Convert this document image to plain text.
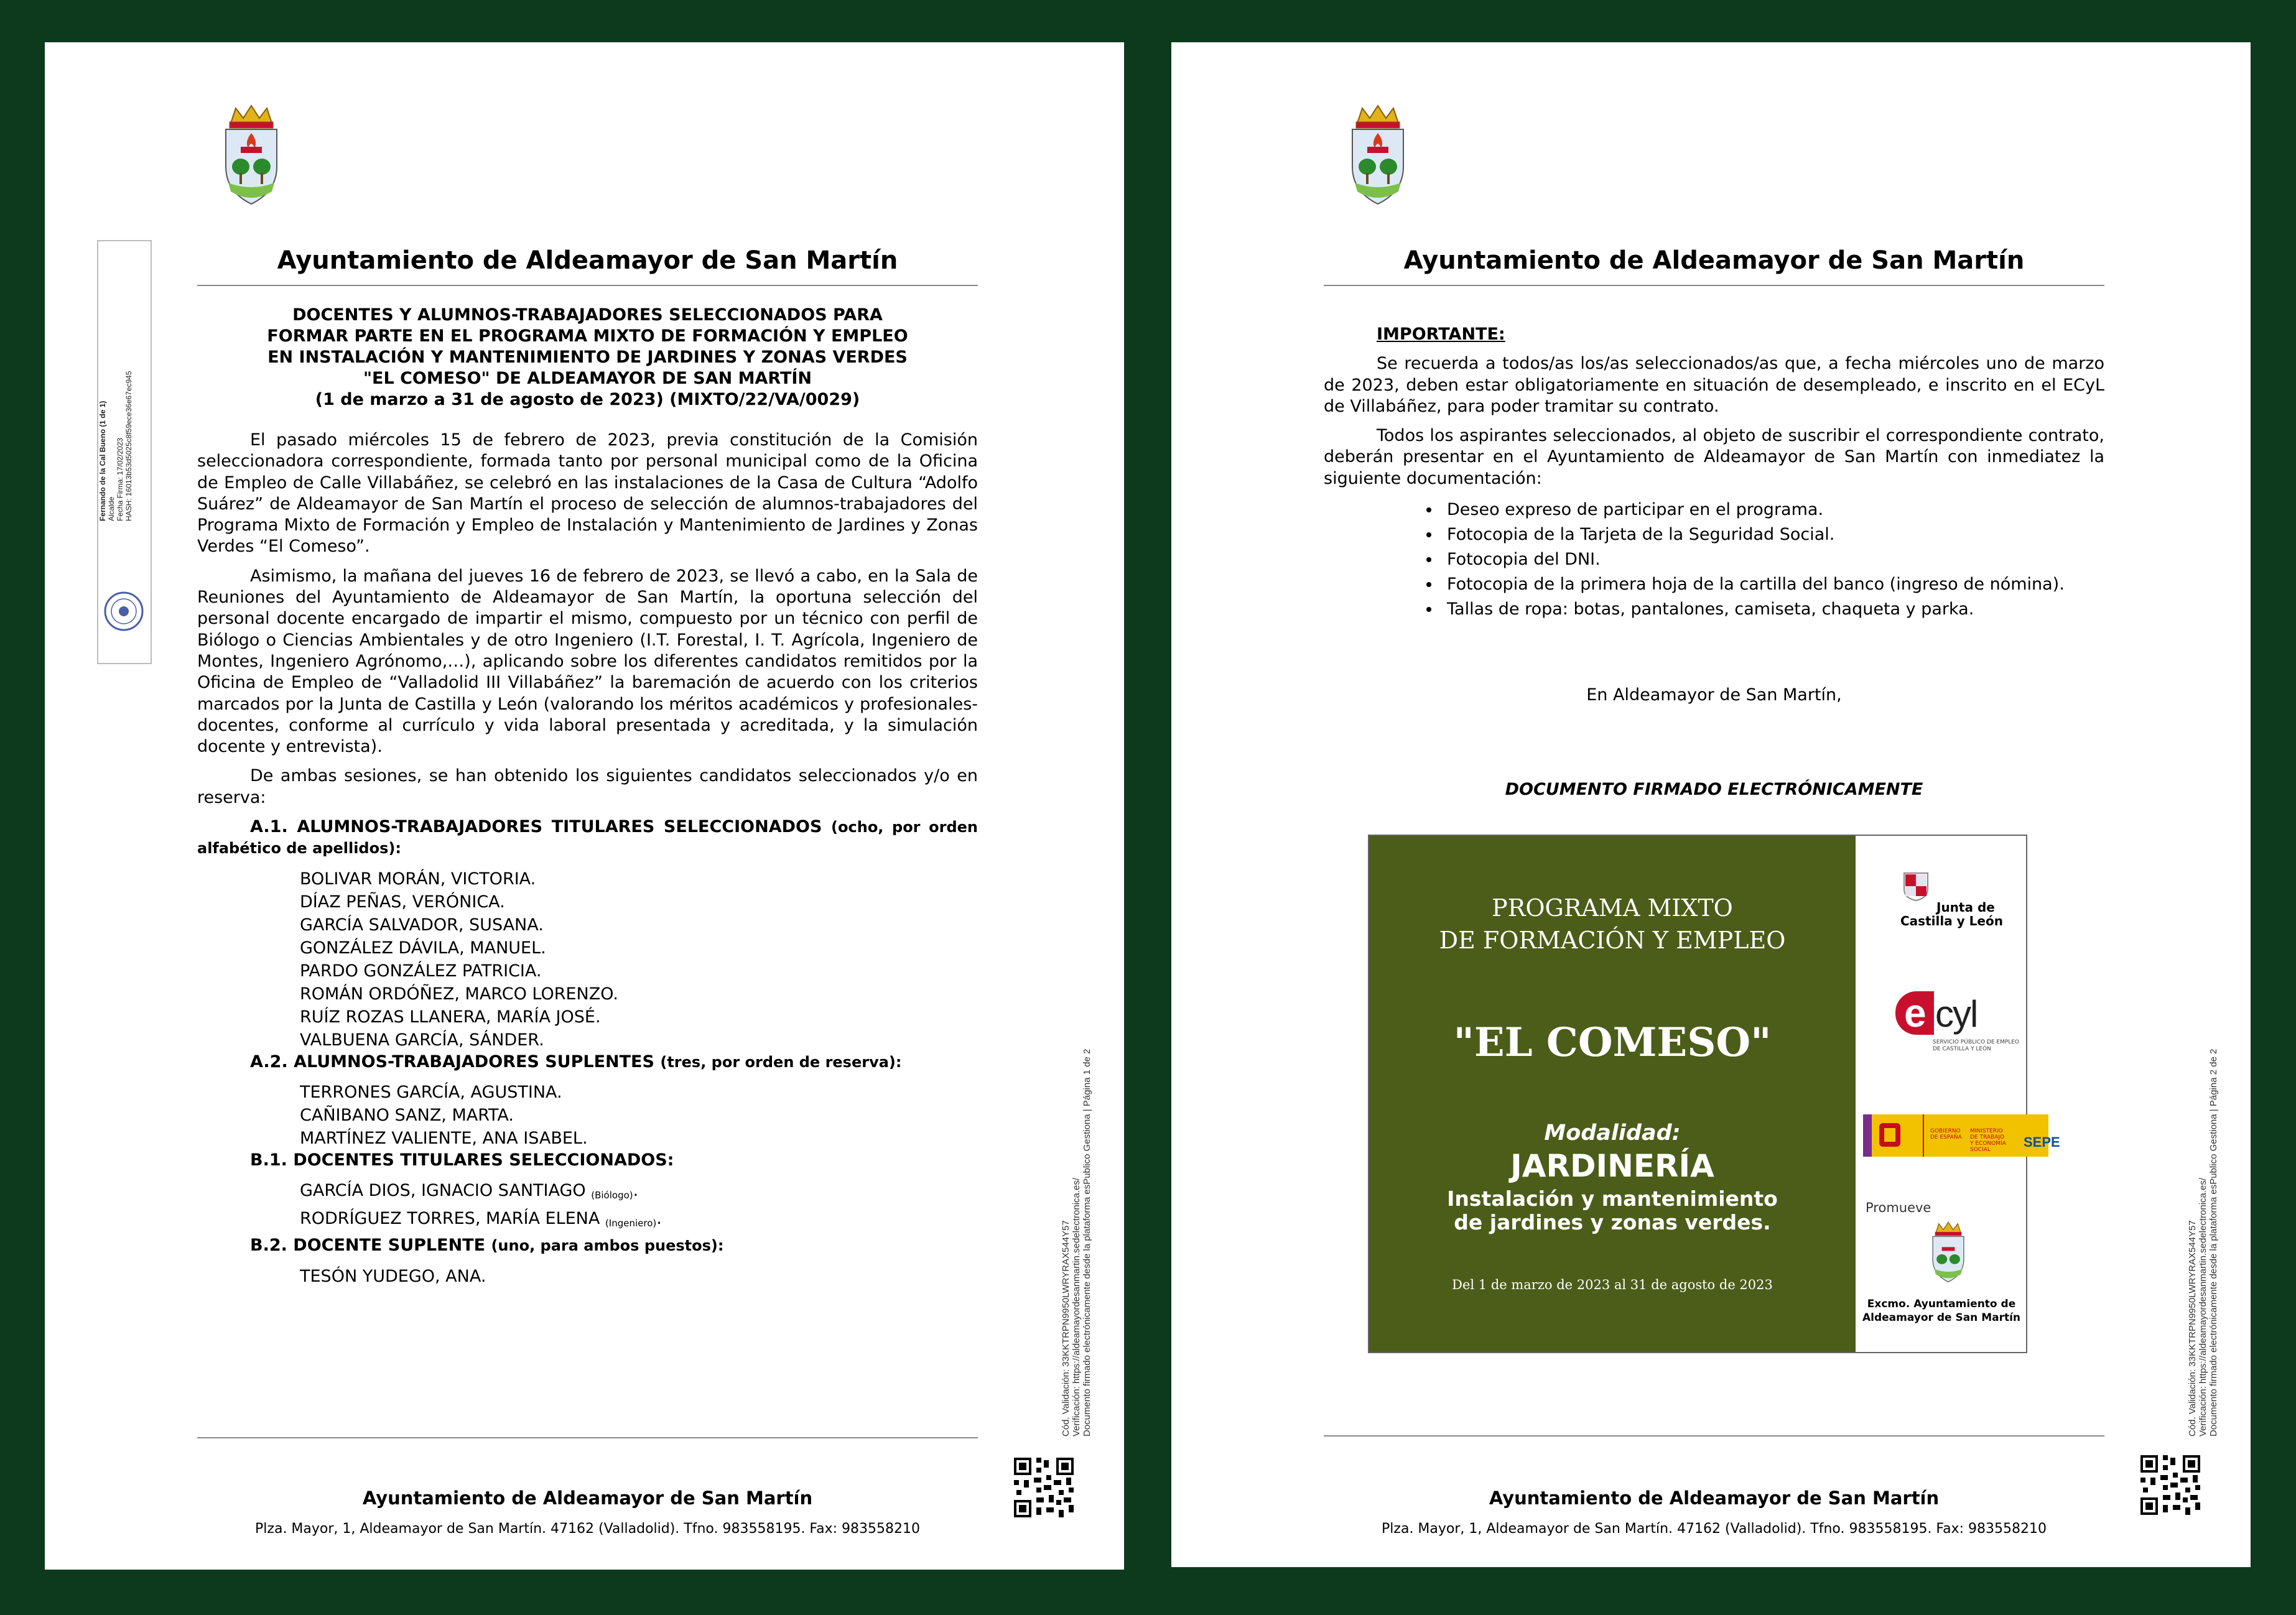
Ayuntamiento de Aldeamayor de San Martín
DOCENTES Y ALUMNOS-TRABAJADORES SELECCIONADOS PARA
FORMAR PARTE EN EL PROGRAMA MIXTO DE FORMACIÓN Y EMPLEO
EN INSTALACIÓN Y MANTENIMIENTO DE JARDINES Y ZONAS VERDES
"EL COMESO" DE ALDEAMAYOR DE SAN MARTÍN
(1 de marzo a 31 de agosto de 2023) (MIXTO/22/VA/0029)

El pasado miércoles 15 de febrero de 2023, previa constitución de la Comisión seleccionadora correspondiente, formada tanto por personal municipal como de la Oficina de Empleo de Calle Villabáñez, se celebró en las instalaciones de la Casa de Cultura “Adolfo Suárez” de Aldeamayor de San Martín el proceso de selección de alumnos-trabajadores del Programa Mixto de Formación y Empleo de Instalación y Mantenimiento de Jardines y Zonas Verdes “El Comeso”.

Asimismo, la mañana del jueves 16 de febrero de 2023, se llevó a cabo, en la Sala de Reuniones del Ayuntamiento de Aldeamayor de San Martín, la oportuna selección del personal docente encargado de impartir el mismo, compuesto por un técnico con perfil de Biólogo o Ciencias Ambientales y de otro Ingeniero (I.T. Forestal, I. T. Agrícola, Ingeniero de Montes, Ingeniero Agrónomo,…), aplicando sobre los diferentes candidatos remitidos por la Oficina de Empleo de “Valladolid III Villabáñez” la baremación de acuerdo con los criterios marcados por la Junta de Castilla y León (valorando los méritos académicos y profesionales-docentes, conforme al currículo y vida laboral presentada y acreditada, y la simulación docente y entrevista).

De ambas sesiones, se han obtenido los siguientes candidatos seleccionados y/o en reserva:

A.1. ALUMNOS-TRABAJADORES TITULARES SELECCIONADOS (ocho, por orden alfabético de apellidos):

BOLIVAR MORÁN, VICTORIA.
DÍAZ PEÑAS, VERÓNICA.
GARCÍA SALVADOR, SUSANA.
GONZÁLEZ DÁVILA, MANUEL.
PARDO GONZÁLEZ PATRICIA.
ROMÁN ORDÓÑEZ, MARCO LORENZO.
RUÍZ ROZAS LLANERA, MARÍA JOSÉ.
VALBUENA GARCÍA, SÁNDER.

A.2. ALUMNOS-TRABAJADORES SUPLENTES (tres, por orden de reserva):

TERRONES GARCÍA, AGUSTINA.
CAÑIBANO SANZ, MARTA.
MARTÍNEZ VALIENTE, ANA ISABEL.

B.1. DOCENTES TITULARES SELECCIONADOS:

GARCÍA DIOS, IGNACIO SANTIAGO $_{(Biólogo)}$.
RODRÍGUEZ TORRES, MARÍA ELENA $_{(Ingeniero)}$.

B.2. DOCENTE SUPLENTE (uno, para ambos puestos):

TESÓN YUDEGO, ANA.
Ayuntamiento de Aldeamayor de San Martín
Plza. Mayor, 1, Aldeamayor de San Martín. 47162 (Valladolid). Tfno. 983558195. Fax: 983558210
Fernando de la Cal Bueno (1 de 1) Alcalde Fecha Firma: 17/02/2023 HASH: 16013b53d5025c8f59ece36e67ec945
Cód. Validación: 33KKTRPN9950LWRYRAX544Y57 Verificación: https://aldeamayordesanmartin.sedelectronica.es/ Documento firmado electrónicamente desde la plataforma esPublico Gestiona | Página 1 de 2
Ayuntamiento de Aldeamayor de San Martín

IMPORTANTE:

Se recuerda a todos/as los/as seleccionados/as que, a fecha miércoles uno de marzo de 2023, deben estar obligatoriamente en situación de desempleado, e inscrito en el ECyL de Villabáñez, para poder tramitar su contrato.

Todos los aspirantes seleccionados, al objeto de suscribir el correspondiente contrato, deberán presentar en el Ayuntamiento de Aldeamayor de San Martín con inmediatez la siguiente documentación:

• Deseo expreso de participar en el programa.
• Fotocopia de la Tarjeta de la Seguridad Social.
• Fotocopia del DNI.
• Fotocopia de la primera hoja de la cartilla del banco (ingreso de nómina).
• Tallas de ropa: botas, pantalones, camiseta, chaqueta y parka.
En Aldeamayor de San Martín,
DOCUMENTO FIRMADO ELECTRÓNICAMENTE
PROGRAMA MIXTO
DE FORMACIÓN Y EMPLEO
"EL COMESO"
Modalidad:
JARDINERÍA
Instalación y mantenimiento
de jardines y zonas verdes.
Del 1 de marzo de 2023 al 31 de agosto de 2023
Junta de
Castilla y León
e cyl
SERVICIO PÚBLICO DE EMPLEO
DE CASTILLA Y LEÓN
GOBIERNO
DE ESPAÑA
MINISTERIO
DE TRABAJO
Y ECONOMÍA SOCIAL	SEPE
Promueve
Excmo. Ayuntamiento de
Aldeamayor de San Martín
Ayuntamiento de Aldeamayor de San Martín
Plza. Mayor, 1, Aldeamayor de San Martín. 47162 (Valladolid). Tfno. 983558195. Fax: 983558210
Cód. Validación: 33KKTRPN9950LWRYRAX544Y57 Verificación: https://aldeamayordesanmartin.sedelectronica.es/ Documento firmado electrónicamente desde la plataforma esPublico Gestiona | Página 2 de 2
